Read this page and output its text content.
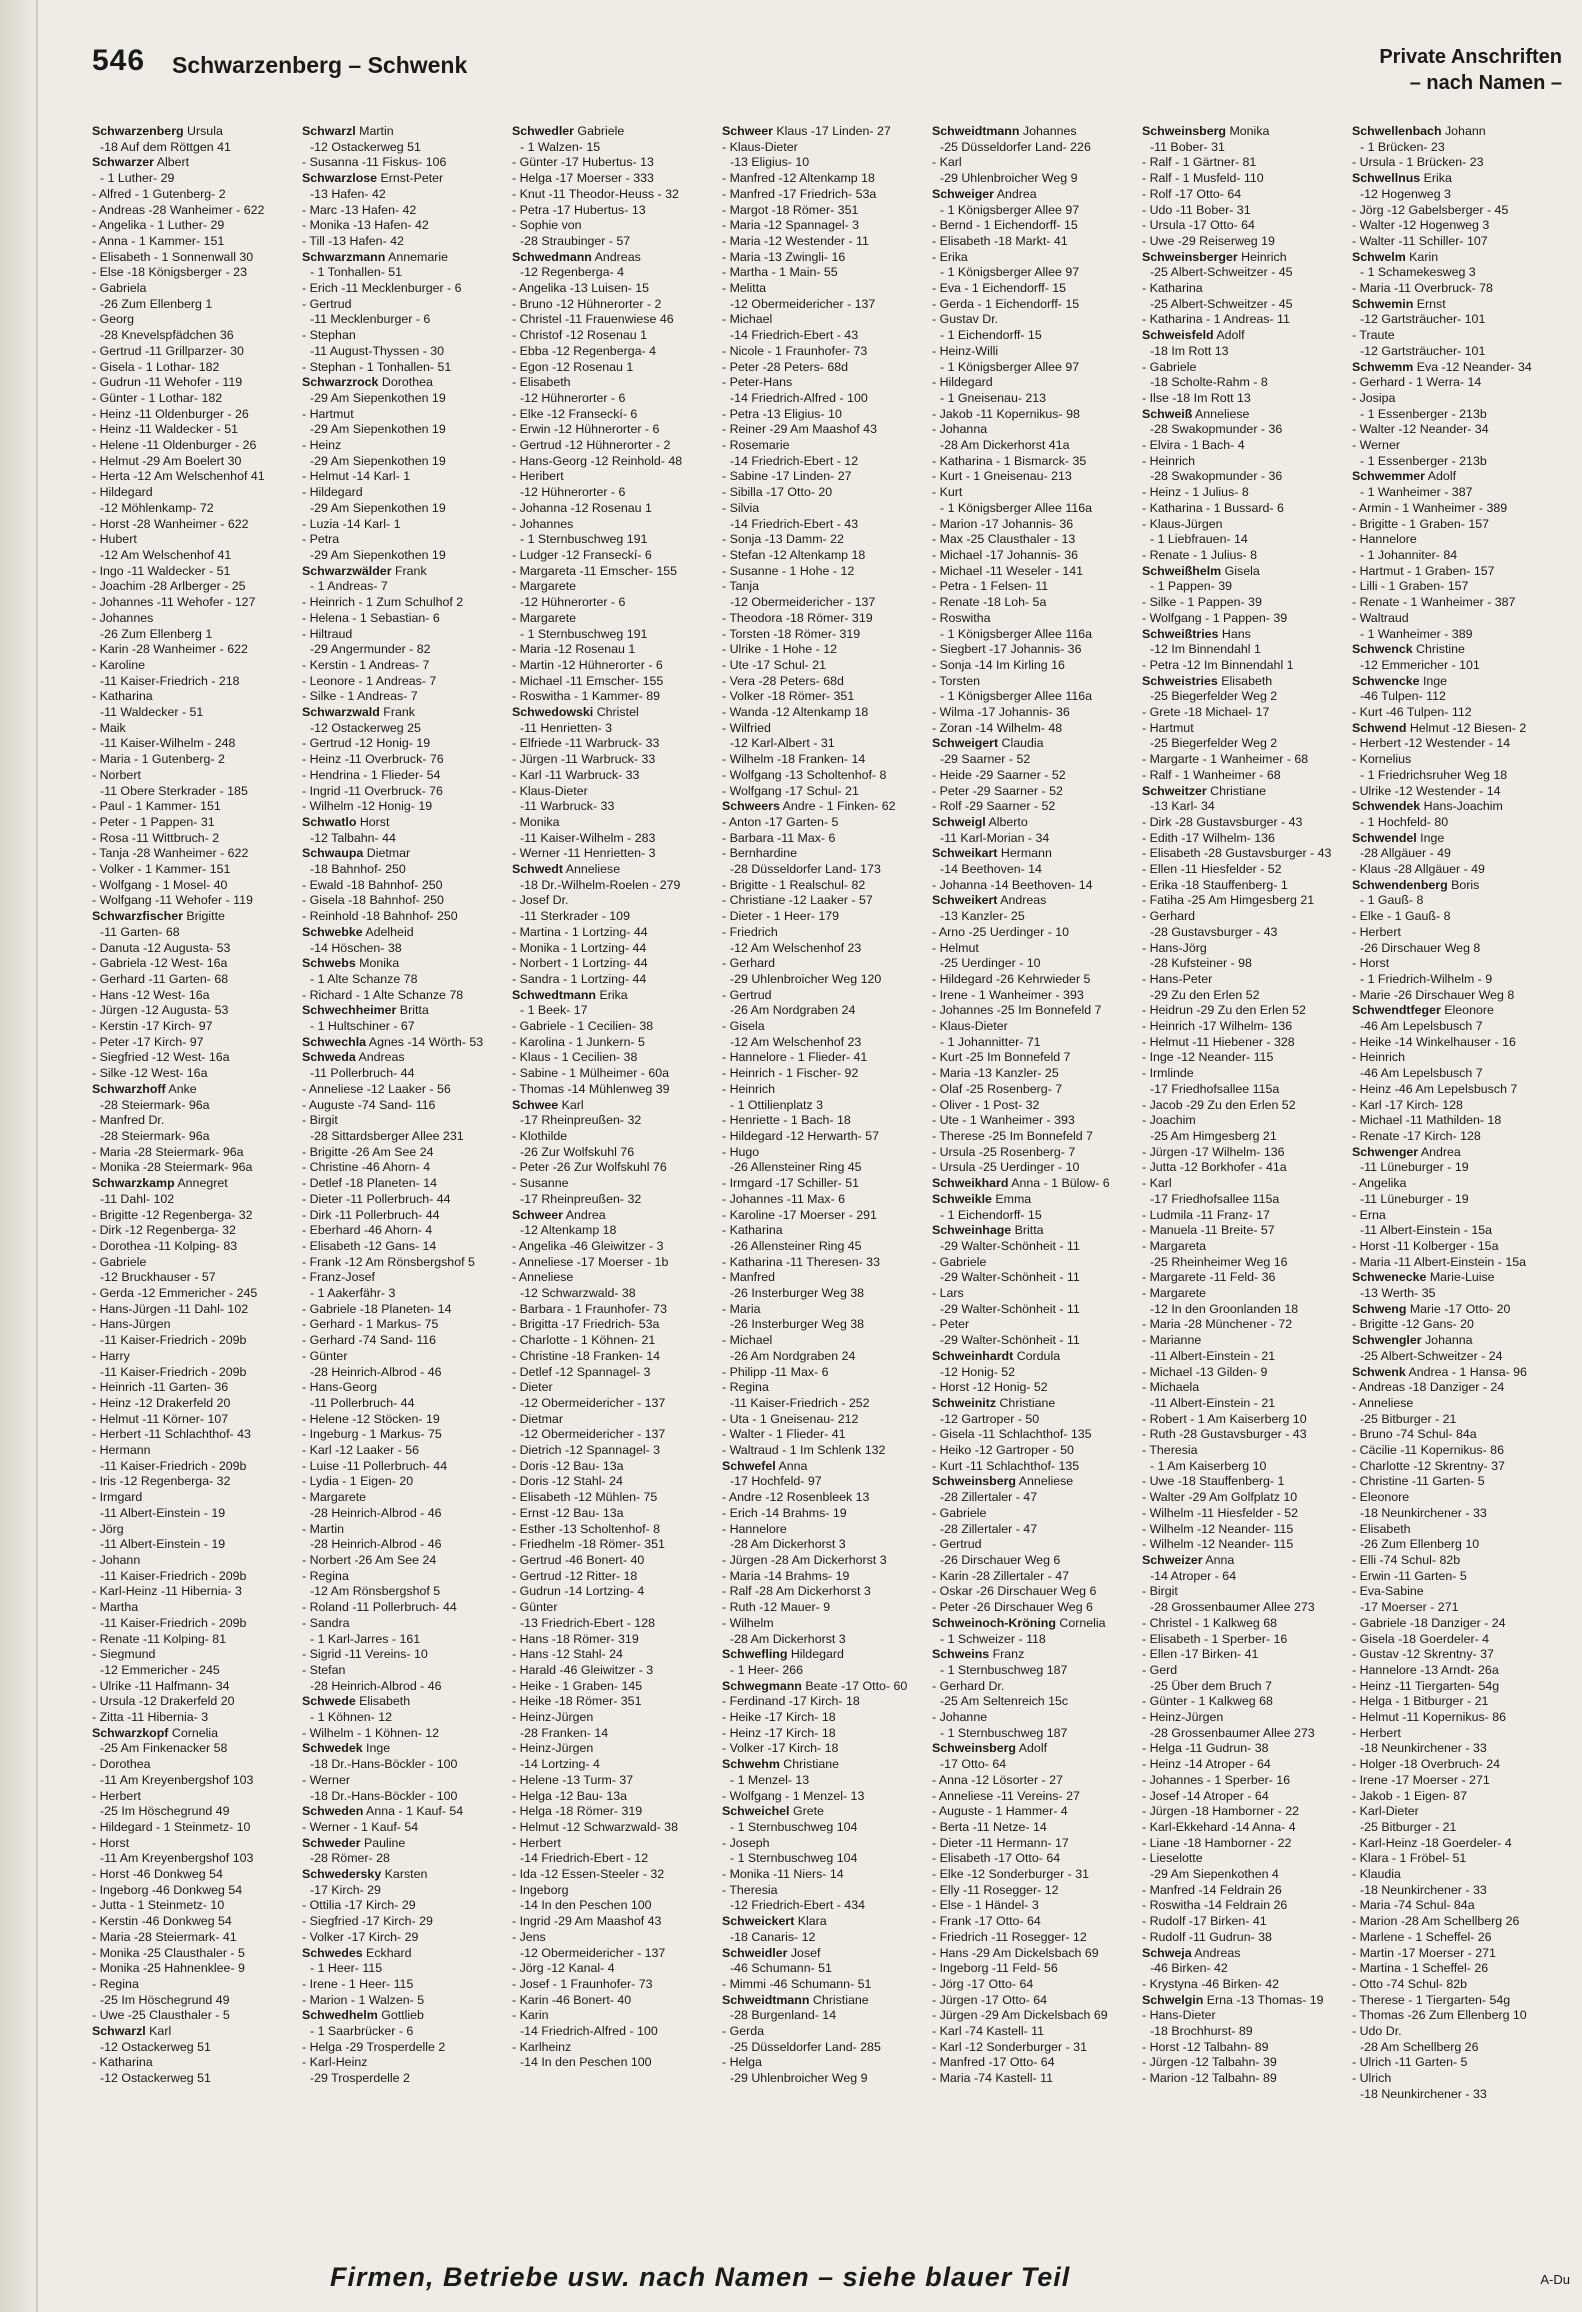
546 Schwarzenberg – Schwenk	Private Anschriften
– nach Namen –
Schwarzenberg Ursula
-18 Auf dem Röttgen 41
Schwarzer Albert
- 1 Luther- 29
- Alfred - 1 Gutenberg- 2
- Andreas -28 Wanheimer - 622
- Angelika - 1 Luther- 29
- Anna - 1 Kammer- 151
- Elisabeth - 1 Sonnenwall 30
- Else -18 Königsberger - 23
- Gabriela
-26 Zum Ellenberg 1
- Georg
-28 Knevelspfädchen 36
- Gertrud -11 Grillparzer- 30
- Gisela - 1 Lothar- 182
- Gudrun -11 Wehofer - 119
- Günter - 1 Lothar- 182
- Heinz -11 Oldenburger - 26
- Heinz -11 Waldecker - 51
- Helene -11 Oldenburger - 26
- Helmut -29 Am Boelert 30
- Herta -12 Am Welschenhof 41
- Hildegard
-12 Möhlenkamp- 72
- Horst -28 Wanheimer - 622
- Hubert
-12 Am Welschenhof 41
- Ingo -11 Waldecker - 51
- Joachim -28 Arlberger - 25
- Johannes -11 Wehofer - 127
- Johannes
-26 Zum Ellenberg 1
- Karin -28 Wanheimer - 622
- Karoline
-11 Kaiser-Friedrich - 218
- Katharina
-11 Waldecker - 51
- Maik
-11 Kaiser-Wilhelm - 248
- Maria - 1 Gutenberg- 2
- Norbert
-11 Obere Sterkrader - 185
- Paul - 1 Kammer- 151
- Peter - 1 Pappen- 31
- Rosa -11 Wittbruch- 2
- Tanja -28 Wanheimer - 622
- Volker - 1 Kammer- 151
- Wolfgang - 1 Mosel- 40
- Wolfgang -11 Wehofer - 119
Schwarzfischer Brigitte
-11 Garten- 68
- Danuta -12 Augusta- 53
- Gabriela -12 West- 16a
- Gerhard -11 Garten- 68
- Hans -12 West- 16a
- Jürgen -12 Augusta- 53
- Kerstin -17 Kirch- 97
- Peter -17 Kirch- 97
- Siegfried -12 West- 16a
- Silke -12 West- 16a
Schwarzhoff Anke
-28 Steiermark- 96a
- Manfred Dr.
-28 Steiermark- 96a
- Maria -28 Steiermark- 96a
- Monika -28 Steiermark- 96a
Schwarzkamp Annegret
-11 Dahl- 102
- Brigitte -12 Regenberga- 32
- Dirk -12 Regenberga- 32
- Dorothea -11 Kolping- 83
- Gabriele
-12 Bruckhauser - 57
- Gerda -12 Emmericher - 245
- Hans-Jürgen -11 Dahl- 102
- Hans-Jürgen
-11 Kaiser-Friedrich - 209b
- Harry
-11 Kaiser-Friedrich - 209b
- Heinrich -11 Garten- 36
- Heinz -12 Drakerfeld 20
- Helmut -11 Körner- 107
- Herbert -11 Schlachthof- 43
- Hermann
-11 Kaiser-Friedrich - 209b
- Iris -12 Regenberga- 32
- Irmgard
-11 Albert-Einstein - 19
- Jörg
-11 Albert-Einstein - 19
- Johann
-11 Kaiser-Friedrich - 209b
- Karl-Heinz -11 Hibernia- 3
- Martha
-11 Kaiser-Friedrich - 209b
- Renate -11 Kolping- 81
- Siegmund
-12 Emmericher - 245
- Ulrike -11 Halfmann- 34
- Ursula -12 Drakerfeld 20
- Zitta -11 Hibernia- 3
Schwarzkopf Cornelia
-25 Am Finkenacker 58
- Dorothea
-11 Am Kreyenbergshof 103
- Herbert
-25 Im Höschegrund 49
- Hildegard - 1 Steinmetz- 10
- Horst
-11 Am Kreyenbergshof 103
- Horst -46 Donkweg 54
- Ingeborg -46 Donkweg 54
- Jutta - 1 Steinmetz- 10
- Kerstin -46 Donkweg 54
- Maria -28 Steiermark- 41
- Monika -25 Clausthaler - 5
- Monika -25 Hahnenklee- 9
- Regina
-25 Im Höschegrund 49
- Uwe -25 Clausthaler - 5
Schwarzl Karl
-12 Ostackerweg 51
- Katharina
-12 Ostackerweg 51
Schwarzl Martin
-12 Ostackerweg 51
- Susanna -11 Fiskus- 106
Schwarzlose Ernst-Peter
-13 Hafen- 42
- Marc -13 Hafen- 42
- Monika -13 Hafen- 42
- Till -13 Hafen- 42
Schwarzmann Annemarie
- 1 Tonhallen- 51
- Erich -11 Mecklenburger - 6
- Gertrud
-11 Mecklenburger - 6
- Stephan
-11 August-Thyssen - 30
- Stephan - 1 Tonhallen- 51
Schwarzrock Dorothea
-29 Am Siepenkothen 19
- Hartmut
-29 Am Siepenkothen 19
- Heinz
-29 Am Siepenkothen 19
- Helmut -14 Karl- 1
- Hildegard
-29 Am Siepenkothen 19
- Luzia -14 Karl- 1
- Petra
-29 Am Siepenkothen 19
Schwarzwälder Frank
- 1 Andreas- 7
- Heinrich - 1 Zum Schulhof 2
- Helena - 1 Sebastian- 6
- Hiltraud
-29 Angermunder - 82
- Kerstin - 1 Andreas- 7
- Leonore - 1 Andreas- 7
- Silke - 1 Andreas- 7
Schwarzwald Frank
-12 Ostackerweg 25
- Gertrud -12 Honig- 19
- Heinz -11 Overbruck- 76
- Hendrina - 1 Flieder- 54
- Ingrid -11 Overbruck- 76
- Wilhelm -12 Honig- 19
Schwatlo Horst
-12 Talbahn- 44
Schwaupa Dietmar
-18 Bahnhof- 250
- Ewald -18 Bahnhof- 250
- Gisela -18 Bahnhof- 250
- Reinhold -18 Bahnhof- 250
Schwebke Adelheid
-14 Höschen- 38
Schwebs Monika
- 1 Alte Schanze 78
- Richard - 1 Alte Schanze 78
Schwechheimer Britta
- 1 Hultschiner - 67
Schwechla Agnes -14 Wörth- 53
Schweda Andreas
-11 Pollerbruch- 44
- Anneliese -12 Laaker - 56
- Auguste -74 Sand- 116
- Birgit
-28 Sittardsberger Allee 231
- Brigitte -26 Am See 24
- Christine -46 Ahorn- 4
- Detlef -18 Planeten- 14
- Dieter -11 Pollerbruch- 44
- Dirk -11 Pollerbruch- 44
- Eberhard -46 Ahorn- 4
- Elisabeth -12 Gans- 14
- Frank -12 Am Rönsbergshof 5
- Franz-Josef
- 1 Aakerfähr- 3
- Gabriele -18 Planeten- 14
- Gerhard - 1 Markus- 75
- Gerhard -74 Sand- 116
- Günter
-28 Heinrich-Albrod - 46
- Hans-Georg
-11 Pollerbruch- 44
- Helene -12 Stöcken- 19
- Ingeburg - 1 Markus- 75
- Karl -12 Laaker - 56
- Luise -11 Pollerbruch- 44
- Lydia - 1 Eigen- 20
- Margarete
-28 Heinrich-Albrod - 46
- Martin
-28 Heinrich-Albrod - 46
- Norbert -26 Am See 24
- Regina
-12 Am Rönsbergshof 5
- Roland -11 Pollerbruch- 44
- Sandra
- 1 Karl-Jarres - 161
- Sigrid -11 Vereins- 10
- Stefan
-28 Heinrich-Albrod - 46
Schwede Elisabeth
- 1 Köhnen- 12
- Wilhelm - 1 Köhnen- 12
Schwedek Inge
-18 Dr.-Hans-Böckler - 100
- Werner
-18 Dr.-Hans-Böckler - 100
Schweden Anna - 1 Kauf- 54
- Werner - 1 Kauf- 54
Schweder Pauline
-28 Römer- 28
Schwedersky Karsten
-17 Kirch- 29
- Ottilia -17 Kirch- 29
- Siegfried -17 Kirch- 29
- Volker -17 Kirch- 29
Schwedes Eckhard
- 1 Heer- 115
- Irene - 1 Heer- 115
- Marion - 1 Walzen- 5
Schwedhelm Gottlieb
- 1 Saarbrücker - 6
- Helga -29 Trosperdelle 2
- Karl-Heinz
-29 Trosperdelle 2
Schwedler Gabriele
- 1 Walzen- 15
- Günter -17 Hubertus- 13
- Helga -17 Moerser - 333
- Knut -11 Theodor-Heuss - 32
- Petra -17 Hubertus- 13
- Sophie von
-28 Straubinger - 57
Schwedmann Andreas
-12 Regenberga- 4
- Angelika -13 Luisen- 15
- Bruno -12 Hühnerorter - 2
- Christel -11 Frauenwiese 46
- Christof -12 Rosenau 1
- Ebba -12 Regenberga- 4
- Egon -12 Rosenau 1
- Elisabeth
-12 Hühnerorter - 6
- Elke -12 Franseckí- 6
- Erwin -12 Hühnerorter - 6
- Gertrud -12 Hühnerorter - 2
- Hans-Georg -12 Reinhold- 48
- Heribert
-12 Hühnerorter - 6
- Johanna -12 Rosenau 1
- Johannes
- 1 Sternbuschweg 191
- Ludger -12 Franseckí- 6
- Margareta -11 Emscher- 155
- Margarete
-12 Hühnerorter - 6
- Margarete
- 1 Sternbuschweg 191
- Maria -12 Rosenau 1
- Martin -12 Hühnerorter - 6
- Michael -11 Emscher- 155
- Roswitha - 1 Kammer- 89
Schwedowski Christel
-11 Henrietten- 3
- Elfriede -11 Warbruck- 33
- Jürgen -11 Warbruck- 33
- Karl -11 Warbruck- 33
- Klaus-Dieter
-11 Warbruck- 33
- Monika
-11 Kaiser-Wilhelm - 283
- Werner -11 Henrietten- 3
Schwedt Anneliese
-18 Dr.-Wilhelm-Roelen - 279
- Josef Dr.
-11 Sterkrader - 109
- Martina - 1 Lortzing- 44
- Monika - 1 Lortzing- 44
- Norbert - 1 Lortzing- 44
- Sandra - 1 Lortzing- 44
Schwedtmann Erika
- 1 Beek- 17
- Gabriele - 1 Cecilien- 38
- Karolina - 1 Junkern- 5
- Klaus - 1 Cecilien- 38
- Sabine - 1 Mülheimer - 60a
- Thomas -14 Mühlenweg 39
Schwee Karl
-17 Rheinpreußen- 32
- Klothilde
-26 Zur Wolfskuhl 76
- Peter -26 Zur Wolfskuhl 76
- Susanne
-17 Rheinpreußen- 32
Schweer Andrea
-12 Altenkamp 18
- Angelika -46 Gleiwitzer - 3
- Anneliese -17 Moerser - 1b
- Anneliese
-12 Schwarzwald- 38
- Barbara - 1 Fraunhofer- 73
- Brigitta -17 Friedrich- 53a
- Charlotte - 1 Köhnen- 21
- Christine -18 Franken- 14
- Detlef -12 Spannagel- 3
- Dieter
-12 Obermeidericher - 137
- Dietmar
-12 Obermeidericher - 137
- Dietrich -12 Spannagel- 3
- Doris -12 Bau- 13a
- Doris -12 Stahl- 24
- Elisabeth -12 Mühlen- 75
- Ernst -12 Bau- 13a
- Esther -13 Scholtenhof- 8
- Friedhelm -18 Römer- 351
- Gertrud -46 Bonert- 40
- Gertrud -12 Ritter- 18
- Gudrun -14 Lortzing- 4
- Günter
-13 Friedrich-Ebert - 128
- Hans -18 Römer- 319
- Hans -12 Stahl- 24
- Harald -46 Gleiwitzer - 3
- Heike - 1 Graben- 145
- Heike -18 Römer- 351
- Heinz-Jürgen
-28 Franken- 14
- Heinz-Jürgen
-14 Lortzing- 4
- Helene -13 Turm- 37
- Helga -12 Bau- 13a
- Helga -18 Römer- 319
- Helmut -12 Schwarzwald- 38
- Herbert
-14 Friedrich-Ebert - 12
- Ida -12 Essen-Steeler - 32
- Ingeborg
-14 In den Peschen 100
- Ingrid -29 Am Maashof 43
- Jens
-12 Obermeidericher - 137
- Jörg -12 Kanal- 4
- Josef - 1 Fraunhofer- 73
- Karin -46 Bonert- 40
- Karin
-14 Friedrich-Alfred - 100
- Karlheinz
-14 In den Peschen 100
Schweer Klaus -17 Linden- 27
- Klaus-Dieter
-13 Eligius- 10
- Manfred -12 Altenkamp 18
- Manfred -17 Friedrich- 53a
- Margot -18 Römer- 351
- Maria -12 Spannagel- 3
- Maria -12 Westender - 11
- Maria -13 Zwingli- 16
- Martha - 1 Main- 55
- Melitta
-12 Obermeidericher - 137
- Michael
-14 Friedrich-Ebert - 43
- Nicole - 1 Fraunhofer- 73
- Peter -28 Peters- 68d
- Peter-Hans
-14 Friedrich-Alfred - 100
- Petra -13 Eligius- 10
- Reiner -29 Am Maashof 43
- Rosemarie
-14 Friedrich-Ebert - 12
- Sabine -17 Linden- 27
- Sibilla -17 Otto- 20
- Silvia
-14 Friedrich-Ebert - 43
- Sonja -13 Damm- 22
- Stefan -12 Altenkamp 18
- Susanne - 1 Hohe - 12
- Tanja
-12 Obermeidericher - 137
- Theodora -18 Römer- 319
- Torsten -18 Römer- 319
- Ulrike - 1 Hohe - 12
- Ute -17 Schul- 21
- Vera -28 Peters- 68d
- Volker -18 Römer- 351
- Wanda -12 Altenkamp 18
- Wilfried
-12 Karl-Albert - 31
- Wilhelm -18 Franken- 14
- Wolfgang -13 Scholtenhof- 8
- Wolfgang -17 Schul- 21
Schweers Andre - 1 Finken- 62
- Anton -17 Garten- 5
- Barbara -11 Max- 6
- Bernhardine
-28 Düsseldorfer Land- 173
- Brigitte - 1 Realschul- 82
- Christiane -12 Laaker - 57
- Dieter - 1 Heer- 179
- Friedrich
-12 Am Welschenhof 23
- Gerhard
-29 Uhlenbroicher Weg 120
- Gertrud
-26 Am Nordgraben 24
- Gisela
-12 Am Welschenhof 23
- Hannelore - 1 Flieder- 41
- Heinrich - 1 Fischer- 92
- Heinrich
- 1 Ottilienplatz 3
- Henriette - 1 Bach- 18
- Hildegard -12 Herwarth- 57
- Hugo
-26 Allensteiner Ring 45
- Irmgard -17 Schiller- 51
- Johannes -11 Max- 6
- Karoline -17 Moerser - 291
- Katharina
-26 Allensteiner Ring 45
- Katharina -11 Theresen- 33
- Manfred
-26 Insterburger Weg 38
- Maria
-26 Insterburger Weg 38
- Michael
-26 Am Nordgraben 24
- Philipp -11 Max- 6
- Regina
-11 Kaiser-Friedrich - 252
- Uta - 1 Gneisenau- 212
- Walter - 1 Flieder- 41
- Waltraud - 1 Im Schlenk 132
Schwefel Anna
-17 Hochfeld- 97
- Andre -12 Rosenbleek 13
- Erich -14 Brahms- 19
- Hannelore
-28 Am Dickerhorst 3
- Jürgen -28 Am Dickerhorst 3
- Maria -14 Brahms- 19
- Ralf -28 Am Dickerhorst 3
- Ruth -12 Mauer- 9
- Wilhelm
-28 Am Dickerhorst 3
Schwefling Hildegard
- 1 Heer- 266
Schwegmann Beate -17 Otto- 60
- Ferdinand -17 Kirch- 18
- Heike -17 Kirch- 18
- Heinz -17 Kirch- 18
- Volker -17 Kirch- 18
Schwehm Christiane
- 1 Menzel- 13
- Wolfgang - 1 Menzel- 13
Schweichel Grete
- 1 Sternbuschweg 104
- Joseph
- 1 Sternbuschweg 104
- Monika -11 Niers- 14
- Theresia
-12 Friedrich-Ebert - 434
Schweickert Klara
-18 Canaris- 12
Schweidler Josef
-46 Schumann- 51
- Mimmi -46 Schumann- 51
Schweidtmann Christiane
-28 Burgenland- 14
- Gerda
-25 Düsseldorfer Land- 285
- Helga
-29 Uhlenbroicher Weg 9
Schweidtmann Johannes
-25 Düsseldorfer Land- 226
- Karl
-29 Uhlenbroicher Weg 9
Schweiger Andrea
- 1 Königsberger Allee 97
- Bernd - 1 Eichendorff- 15
- Elisabeth -18 Markt- 41
- Erika
- 1 Königsberger Allee 97
- Eva - 1 Eichendorff- 15
- Gerda - 1 Eichendorff- 15
- Gustav Dr.
- 1 Eichendorff- 15
- Heinz-Willi
- 1 Königsberger Allee 97
- Hildegard
- 1 Gneisenau- 213
- Jakob -11 Kopernikus- 98
- Johanna
-28 Am Dickerhorst 41a
- Katharina - 1 Bismarck- 35
- Kurt - 1 Gneisenau- 213
- Kurt
- 1 Königsberger Allee 116a
- Marion -17 Johannis- 36
- Max -25 Clausthaler - 13
- Michael -17 Johannis- 36
- Michael -11 Weseler - 141
- Petra - 1 Felsen- 11
- Renate -18 Loh- 5a
- Roswitha
- 1 Königsberger Allee 116a
- Siegbert -17 Johannis- 36
- Sonja -14 Im Kirling 16
- Torsten
- 1 Königsberger Allee 116a
- Wilma -17 Johannis- 36
- Zoran -14 Wilhelm- 48
Schweigert Claudia
-29 Saarner - 52
- Heide -29 Saarner - 52
- Peter -29 Saarner - 52
- Rolf -29 Saarner - 52
Schweigl Alberto
-11 Karl-Morian - 34
Schweikart Hermann
-14 Beethoven- 14
- Johanna -14 Beethoven- 14
Schweikert Andreas
-13 Kanzler- 25
- Arno -25 Uerdinger - 10
- Helmut
-25 Uerdinger - 10
- Hildegard -26 Kehrwieder 5
- Irene - 1 Wanheimer - 393
- Johannes -25 Im Bonnefeld 7
- Klaus-Dieter
- 1 Johannitter- 71
- Kurt -25 Im Bonnefeld 7
- Maria -13 Kanzler- 25
- Olaf -25 Rosenberg- 7
- Oliver - 1 Post- 32
- Ute - 1 Wanheimer - 393
- Therese -25 Im Bonnefeld 7
- Ursula -25 Rosenberg- 7
- Ursula -25 Uerdinger - 10
Schweikhard Anna - 1 Bülow- 6
Schweikle Emma
- 1 Eichendorff- 15
Schweinhage Britta
-29 Walter-Schönheit - 11
- Gabriele
-29 Walter-Schönheit - 11
- Lars
-29 Walter-Schönheit - 11
- Peter
-29 Walter-Schönheit - 11
Schweinhardt Cordula
-12 Honig- 52
- Horst -12 Honig- 52
Schweinitz Christiane
-12 Gartroper - 50
- Gisela -11 Schlachthof- 135
- Heiko -12 Gartroper - 50
- Kurt -11 Schlachthof- 135
Schweinsberg Anneliese
-28 Zillertaler - 47
- Gabriele
-28 Zillertaler - 47
- Gertrud
-26 Dirschauer Weg 6
- Karin -28 Zillertaler - 47
- Oskar -26 Dirschauer Weg 6
- Peter -26 Dirschauer Weg 6
Schweinoch-Kröning Cornelia
- 1 Schweizer - 118
Schweins Franz
- 1 Sternbuschweg 187
- Gerhard Dr.
-25 Am Seltenreich 15c
- Johanne
- 1 Sternbuschweg 187
Schweinsberg Adolf
-17 Otto- 64
- Anna -12 Lösorter - 27
- Anneliese -11 Vereins- 27
- Auguste - 1 Hammer- 4
- Berta -11 Netze- 14
- Dieter -11 Hermann- 17
- Elisabeth -17 Otto- 64
- Elke -12 Sonderburger - 31
- Elly -11 Rosegger- 12
- Else - 1 Händel- 3
- Frank -17 Otto- 64
- Friedrich -11 Rosegger- 12
- Hans -29 Am Dickelsbach 69
- Ingeborg -11 Feld- 56
- Jörg -17 Otto- 64
- Jürgen -17 Otto- 64
- Jürgen -29 Am Dickelsbach 69
- Karl -74 Kastell- 11
- Karl -12 Sonderburger - 31
- Manfred -17 Otto- 64
- Maria -74 Kastell- 11
Schweinsberg Monika
-11 Bober- 31
- Ralf - 1 Gärtner- 81
- Ralf - 1 Musfeld- 110
- Rolf -17 Otto- 64
- Udo -11 Bober- 31
- Ursula -17 Otto- 64
- Uwe -29 Reiserweg 19
Schweinsberger Heinrich
-25 Albert-Schweitzer - 45
- Katharina
-25 Albert-Schweitzer - 45
- Katharina - 1 Andreas- 11
Schweisfeld Adolf
-18 Im Rott 13
- Gabriele
-18 Scholte-Rahm - 8
- Ilse -18 Im Rott 13
Schweiß Anneliese
-28 Swakopmunder - 36
- Elvira - 1 Bach- 4
- Heinrich
-28 Swakopmunder - 36
- Heinz - 1 Julius- 8
- Katharina - 1 Bussard- 6
- Klaus-Jürgen
- 1 Liebfrauen- 14
- Renate - 1 Julius- 8
Schweißhelm Gisela
- 1 Pappen- 39
- Silke - 1 Pappen- 39
- Wolfgang - 1 Pappen- 39
Schweißtries Hans
-12 Im Binnendahl 1
- Petra -12 Im Binnendahl 1
Schweistries Elisabeth
-25 Biegerfelder Weg 2
- Grete -18 Michael- 17
- Hartmut
-25 Biegerfelder Weg 2
- Margarte - 1 Wanheimer - 68
- Ralf - 1 Wanheimer - 68
Schweitzer Christiane
-13 Karl- 34
- Dirk -28 Gustavsburger - 43
- Edith -17 Wilhelm- 136
- Elisabeth -28 Gustavsburger - 43
- Ellen -11 Hiesfelder - 52
- Erika -18 Stauffenberg- 1
- Fatiha -25 Am Himgesberg 21
- Gerhard
-28 Gustavsburger - 43
- Hans-Jörg
-28 Kufsteiner - 98
- Hans-Peter
-29 Zu den Erlen 52
- Heidrun -29 Zu den Erlen 52
- Heinrich -17 Wilhelm- 136
- Helmut -11 Hiebener - 328
- Inge -12 Neander- 115
- Irmlinde
-17 Friedhofsallee 115a
- Jacob -29 Zu den Erlen 52
- Joachim
-25 Am Himgesberg 21
- Jürgen -17 Wilhelm- 136
- Jutta -12 Borkhofer - 41a
- Karl
-17 Friedhofsallee 115a
- Ludmila -11 Franz- 17
- Manuela -11 Breite- 57
- Margareta
-25 Rheinheimer Weg 16
- Margarete -11 Feld- 36
- Margarete
-12 In den Groonlanden 18
- Maria -28 Münchener - 72
- Marianne
-11 Albert-Einstein - 21
- Michael -13 Gilden- 9
- Michaela
-11 Albert-Einstein - 21
- Robert - 1 Am Kaiserberg 10
- Ruth -28 Gustavsburger - 43
- Theresia
- 1 Am Kaiserberg 10
- Uwe -18 Stauffenberg- 1
- Walter -29 Am Golfplatz 10
- Wilhelm -11 Hiesfelder - 52
- Wilhelm -12 Neander- 115
- Wilhelm -12 Neander- 115
Schweizer Anna
-14 Atroper - 64
- Birgit
-28 Grossenbaumer Allee 273
- Christel - 1 Kalkweg 68
- Elisabeth - 1 Sperber- 16
- Ellen -17 Birken- 41
- Gerd
-25 Über dem Bruch 7
- Günter - 1 Kalkweg 68
- Heinz-Jürgen
-28 Grossenbaumer Allee 273
- Helga -11 Gudrun- 38
- Heinz -14 Atroper - 64
- Johannes - 1 Sperber- 16
- Josef -14 Atroper - 64
- Jürgen -18 Hamborner - 22
- Karl-Ekkehard -14 Anna- 4
- Liane -18 Hamborner - 22
- Lieselotte
-29 Am Siepenkothen 4
- Manfred -14 Feldrain 26
- Roswitha -14 Feldrain 26
- Rudolf -17 Birken- 41
- Rudolf -11 Gudrun- 38
Schweja Andreas
-46 Birken- 42
- Krystyna -46 Birken- 42
Schwelgin Erna -13 Thomas- 19
- Hans-Dieter
-18 Brochhurst- 89
- Horst -12 Talbahn- 89
- Jürgen -12 Talbahn- 39
- Marion -12 Talbahn- 89
Schwellenbach Johann
- 1 Brücken- 23
- Ursula - 1 Brücken- 23
Schwellnus Erika
-12 Hogenweg 3
- Jörg -12 Gabelsberger - 45
- Walter -12 Hogenweg 3
- Walter -11 Schiller- 107
Schwelm Karin
- 1 Schamekesweg 3
- Maria -11 Overbruck- 78
Schwemin Ernst
-12 Gartsträucher- 101
- Traute
-12 Gartsträucher- 101
Schwemm Eva -12 Neander- 34
- Gerhard - 1 Werra- 14
- Josipa
- 1 Essenberger - 213b
- Walter -12 Neander- 34
- Werner
- 1 Essenberger - 213b
Schwemmer Adolf
- 1 Wanheimer - 387
- Armin - 1 Wanheimer - 389
- Brigitte - 1 Graben- 157
- Hannelore
- 1 Johanniter- 84
- Hartmut - 1 Graben- 157
- Lilli - 1 Graben- 157
- Renate - 1 Wanheimer - 387
- Waltraud
- 1 Wanheimer - 389
Schwenck Christine
-12 Emmericher - 101
Schwencke Inge
-46 Tulpen- 112
- Kurt -46 Tulpen- 112
Schwend Helmut -12 Biesen- 2
- Herbert -12 Westender - 14
- Kornelius
- 1 Friedrichsruher Weg 18
- Ulrike -12 Westender - 14
Schwendek Hans-Joachim
- 1 Hochfeld- 80
Schwendel Inge
-28 Allgäuer - 49
- Klaus -28 Allgäuer - 49
Schwendenberg Boris
- 1 Gauß- 8
- Elke - 1 Gauß- 8
- Herbert
-26 Dirschauer Weg 8
- Horst
- 1 Friedrich-Wilhelm - 9
- Marie -26 Dirschauer Weg 8
Schwendtfeger Eleonore
-46 Am Lepelsbusch 7
- Heike -14 Winkelhauser - 16
- Heinrich
-46 Am Lepelsbusch 7
- Heinz -46 Am Lepelsbusch 7
- Karl -17 Kirch- 128
- Michael -11 Mathilden- 18
- Renate -17 Kirch- 128
Schwenger Andrea
-11 Lüneburger - 19
- Angelika
-11 Lüneburger - 19
- Erna
-11 Albert-Einstein - 15a
- Horst -11 Kolberger - 15a
- Maria -11 Albert-Einstein - 15a
Schwenecke Marie-Luise
-13 Werth- 35
Schweng Marie -17 Otto- 20
- Brigitte -12 Gans- 20
Schwengler Johanna
-25 Albert-Schweitzer - 24
Schwenk Andrea - 1 Hansa- 96
- Andreas -18 Danziger - 24
- Anneliese
-25 Bitburger - 21
- Bruno -74 Schul- 84a
- Cäcilie -11 Kopernikus- 86
- Charlotte -12 Skrentny- 37
- Christine -11 Garten- 5
- Eleonore
-18 Neunkirchener - 33
- Elisabeth
-26 Zum Ellenberg 10
- Elli -74 Schul- 82b
- Erwin -11 Garten- 5
- Eva-Sabine
-17 Moerser - 271
- Gabriele -18 Danziger - 24
- Gisela -18 Goerdeler- 4
- Gustav -12 Skrentny- 37
- Hannelore -13 Arndt- 26a
- Heinz -11 Tiergarten- 54g
- Helga - 1 Bitburger - 21
- Helmut -11 Kopernikus- 86
- Herbert
-18 Neunkirchener - 33
- Holger -18 Overbruch- 24
- Irene -17 Moerser - 271
- Jakob - 1 Eigen- 87
- Karl-Dieter
-25 Bitburger - 21
- Karl-Heinz -18 Goerdeler- 4
- Klara - 1 Fröbel- 51
- Klaudia
-18 Neunkirchener - 33
- Maria -74 Schul- 84a
- Marion -28 Am Schellberg 26
- Marlene - 1 Scheffel- 26
- Martin -17 Moerser - 271
- Martina - 1 Scheffel- 26
- Otto -74 Schul- 82b
- Therese - 1 Tiergarten- 54g
- Thomas -26 Zum Ellenberg 10
- Udo Dr.
-28 Am Schellberg 26
- Ulrich -11 Garten- 5
- Ulrich
-18 Neunkirchener - 33
Firmen, Betriebe usw. nach Namen – siehe blauer Teil	A-Du
